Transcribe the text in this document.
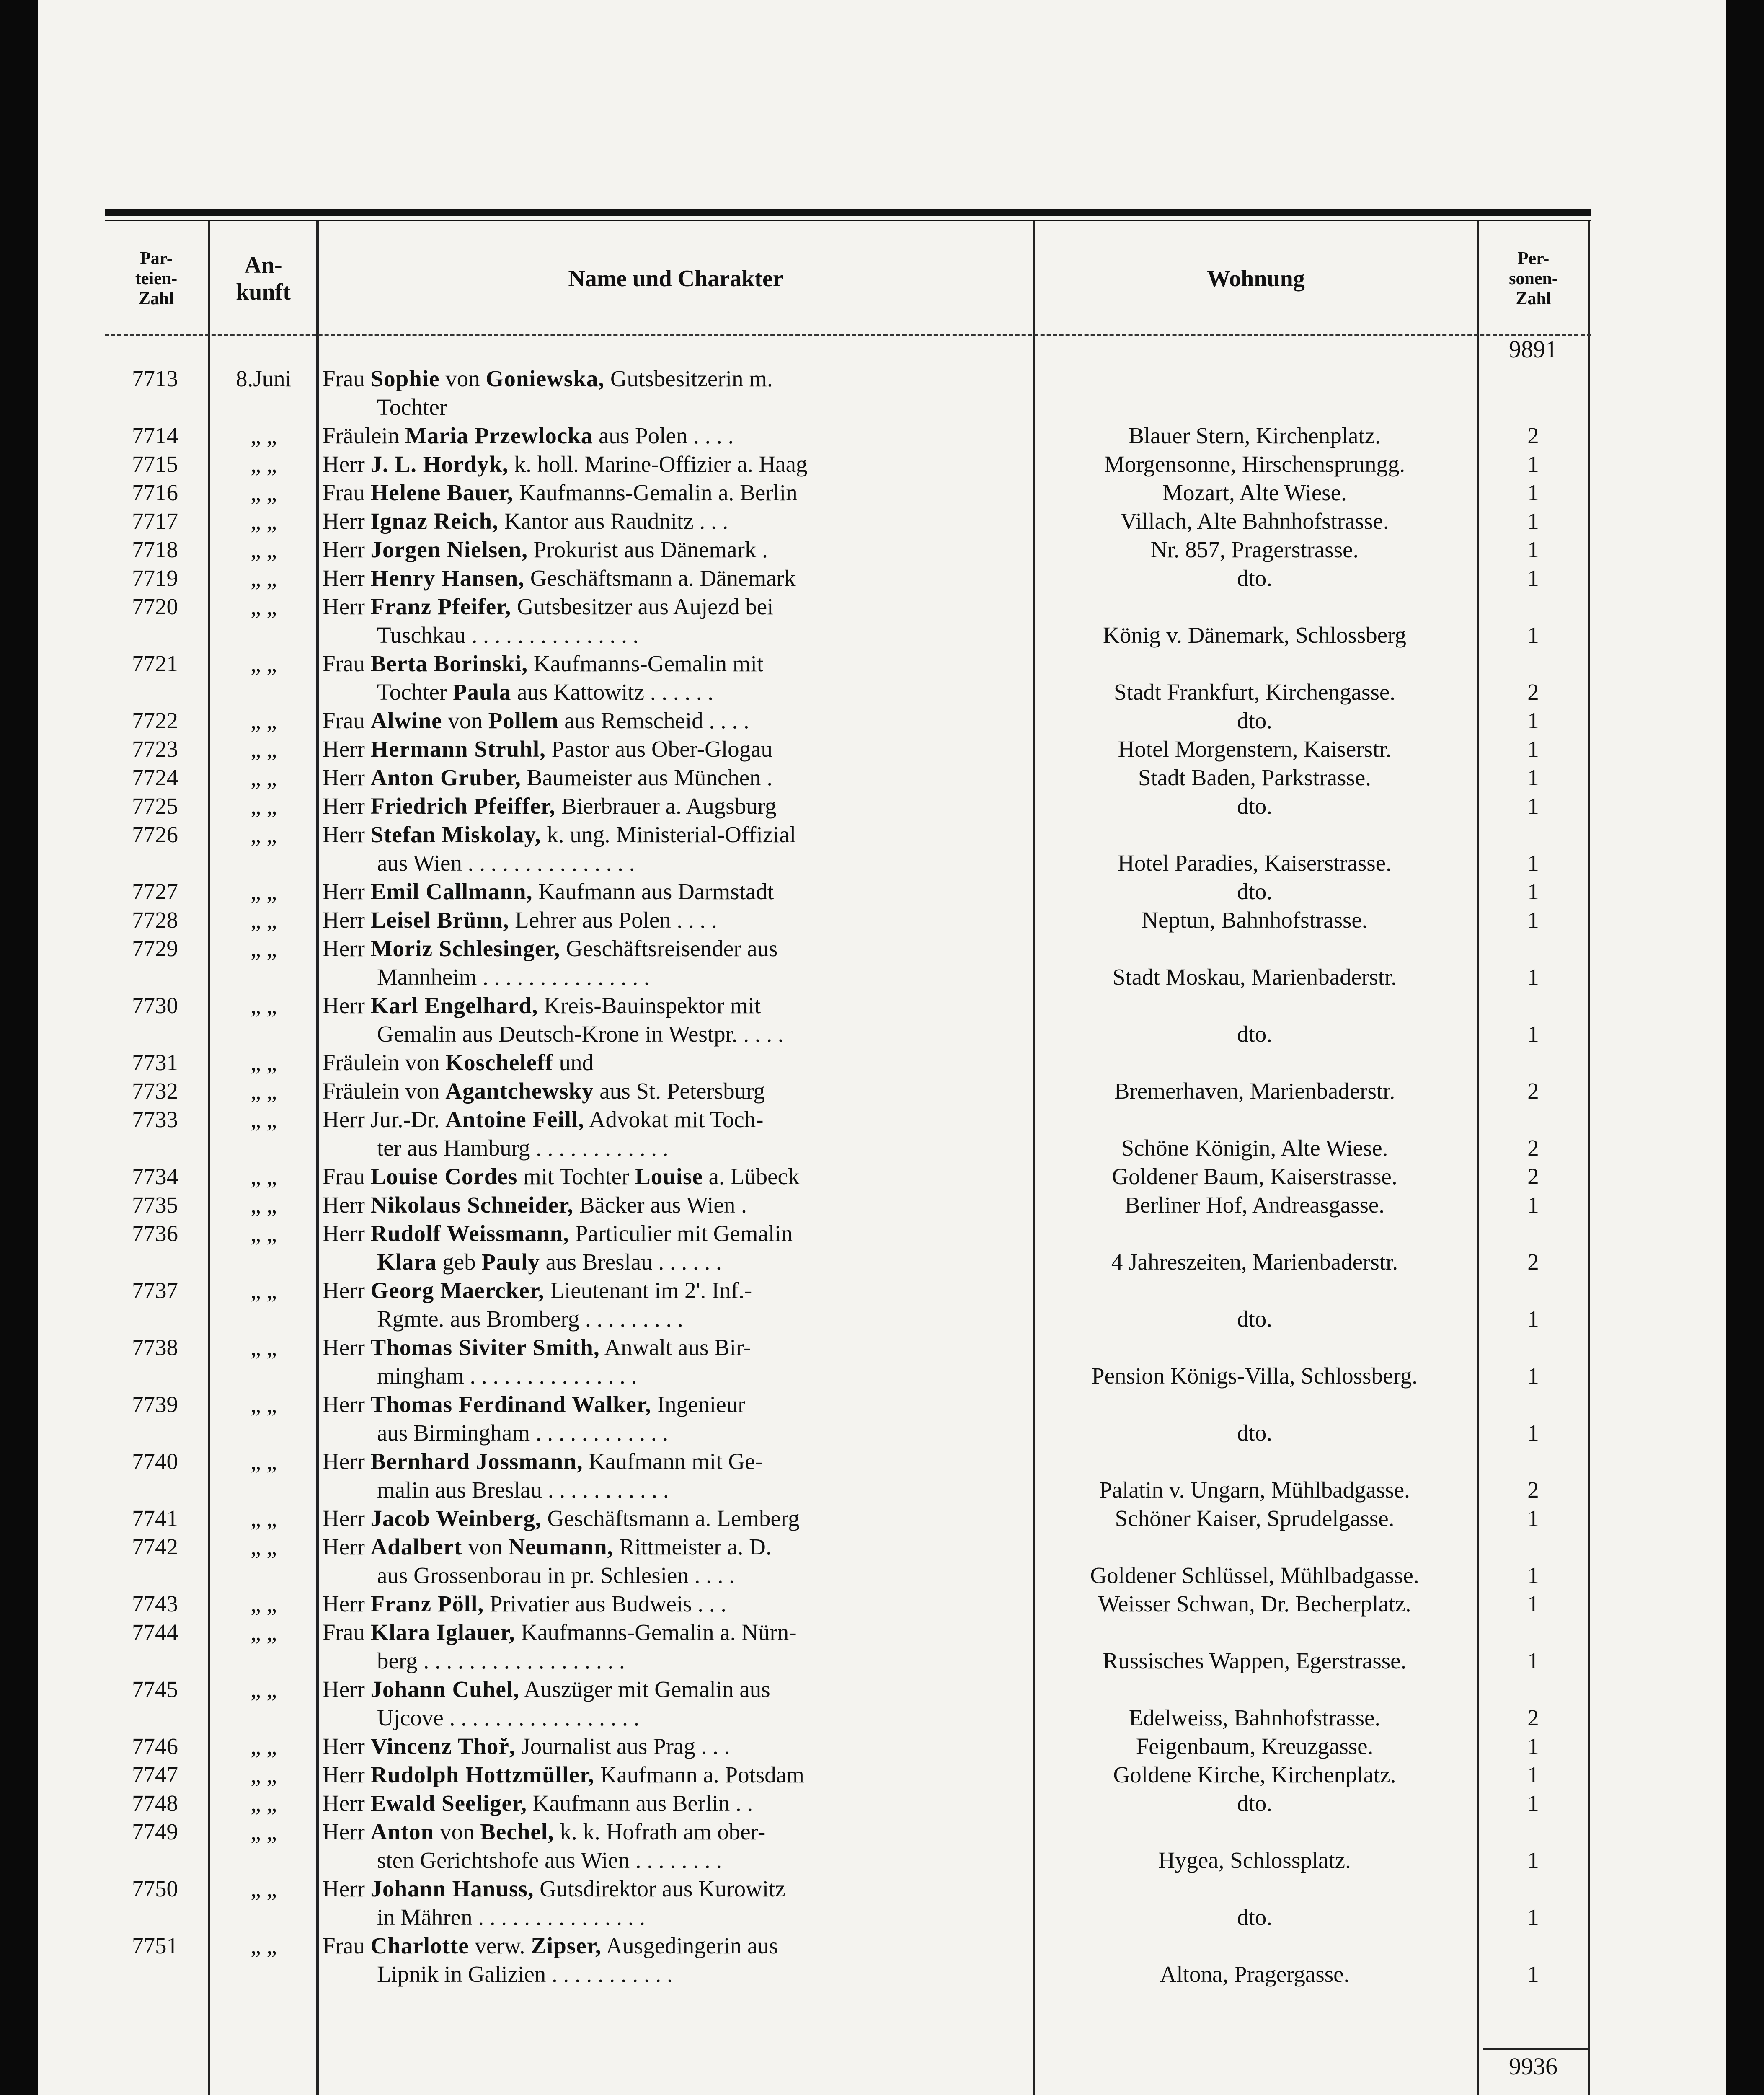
Par-
teien-
Zahl
An-
kunft
Name und Charakter	Wohnung
Per-
sonen-
Zahl
9891
7713	8.Juni	Frau Sophie von Goniewska, Gutsbesitzerin m.
Tochter
7714	„ „	Fräulein Maria Przewlocka aus Polen . . . .	Blauer Stern, Kirchenplatz.	2
7715	„ „	Herr J. L. Hordyk, k. holl. Marine-Offizier a. Haag	Morgensonne, Hirschensprungg.	1
7716	„ „	Frau Helene Bauer, Kaufmanns-Gemalin a. Berlin	Mozart, Alte Wiese.	1
7717	„ „	Herr Ignaz Reich, Kantor aus Raudnitz . . .	Villach, Alte Bahnhofstrasse.	1
7718	„ „	Herr Jorgen Nielsen, Prokurist aus Dänemark .	Nr. 857, Pragerstrasse.	1
7719	„ „	Herr Henry Hansen, Geschäftsmann a. Dänemark	dto.	1
7720	„ „	Herr Franz Pfeifer, Gutsbesitzer aus Aujezd bei
Tuschkau . . . . . . . . . . . . . . .	König v. Dänemark, Schlossberg	1
7721	„ „	Frau Berta Borinski, Kaufmanns-Gemalin mit
Tochter Paula aus Kattowitz . . . . . .	Stadt Frankfurt, Kirchengasse.	2
7722	„ „	Frau Alwine von Pollem aus Remscheid . . . .	dto.	1
7723	„ „	Herr Hermann Struhl, Pastor aus Ober-Glogau	Hotel Morgenstern, Kaiserstr.	1
7724	„ „	Herr Anton Gruber, Baumeister aus München .	Stadt Baden, Parkstrasse.	1
7725	„ „	Herr Friedrich Pfeiffer, Bierbrauer a. Augsburg	dto.	1
7726	„ „	Herr Stefan Miskolay, k. ung. Ministerial-Offizial
aus Wien . . . . . . . . . . . . . . .	Hotel Paradies, Kaiserstrasse.	1
7727	„ „	Herr Emil Callmann, Kaufmann aus Darmstadt	dto.	1
7728	„ „	Herr Leisel Brünn, Lehrer aus Polen . . . .	Neptun, Bahnhofstrasse.	1
7729	„ „	Herr Moriz Schlesinger, Geschäftsreisender aus
Mannheim . . . . . . . . . . . . . . .	Stadt Moskau, Marienbaderstr.	1
7730	„ „	Herr Karl Engelhard, Kreis-Bauinspektor mit
Gemalin aus Deutsch-Krone in Westpr. . . . .	dto.	1
7731	„ „	Fräulein von Koscheleff und
7732	„ „	Fräulein von Agantchewsky aus St. Petersburg	Bremerhaven, Marienbaderstr.	2
7733	„ „	Herr Jur.-Dr. Antoine Feill, Advokat mit Toch-
ter aus Hamburg . . . . . . . . . . . .	Schöne Königin, Alte Wiese.	2
7734	„ „	Frau Louise Cordes mit Tochter Louise a. Lübeck	Goldener Baum, Kaiserstrasse.	2
7735	„ „	Herr Nikolaus Schneider, Bäcker aus Wien .	Berliner Hof, Andreasgasse.	1
7736	„ „	Herr Rudolf Weissmann, Particulier mit Gemalin
Klara geb Pauly aus Breslau . . . . . .	4 Jahreszeiten, Marienbaderstr.	2
7737	„ „	Herr Georg Maercker, Lieutenant im 2'. Inf.-
Rgmte. aus Bromberg . . . . . . . . .	dto.	1
7738	„ „	Herr Thomas Siviter Smith, Anwalt aus Bir-
mingham . . . . . . . . . . . . . . .	Pension Königs-Villa, Schlossberg.	1
7739	„ „	Herr Thomas Ferdinand Walker, Ingenieur
aus Birmingham . . . . . . . . . . . .	dto.	1
7740	„ „	Herr Bernhard Jossmann, Kaufmann mit Ge-
malin aus Breslau . . . . . . . . . . .	Palatin v. Ungarn, Mühlbadgasse.	2
7741	„ „	Herr Jacob Weinberg, Geschäftsmann a. Lemberg	Schöner Kaiser, Sprudelgasse.	1
7742	„ „	Herr Adalbert von Neumann, Rittmeister a. D.
aus Grossenborau in pr. Schlesien . . . .	Goldener Schlüssel, Mühlbadgasse.	1
7743	„ „	Herr Franz Pöll, Privatier aus Budweis . . .	Weisser Schwan, Dr. Becherplatz.	1
7744	„ „	Frau Klara Iglauer, Kaufmanns-Gemalin a. Nürn-
berg . . . . . . . . . . . . . . . . . .	Russisches Wappen, Egerstrasse.	1
7745	„ „	Herr Johann Cuhel, Auszüger mit Gemalin aus
Ujcove . . . . . . . . . . . . . . . . .	Edelweiss, Bahnhofstrasse.	2
7746	„ „	Herr Vincenz Thoř, Journalist aus Prag . . .	Feigenbaum, Kreuzgasse.	1
7747	„ „	Herr Rudolph Hottzmüller, Kaufmann a. Potsdam	Goldene Kirche, Kirchenplatz.	1
7748	„ „	Herr Ewald Seeliger, Kaufmann aus Berlin . .	dto.	1
7749	„ „	Herr Anton von Bechel, k. k. Hofrath am ober-
sten Gerichtshofe aus Wien . . . . . . . .	Hygea, Schlossplatz.	1
7750	„ „	Herr Johann Hanuss, Gutsdirektor aus Kurowitz
in Mähren . . . . . . . . . . . . . . .	dto.	1
7751	„ „	Frau Charlotte verw. Zipser, Ausgedingerin aus
Lipnik in Galizien . . . . . . . . . . .	Altona, Pragergasse.	1
9936
